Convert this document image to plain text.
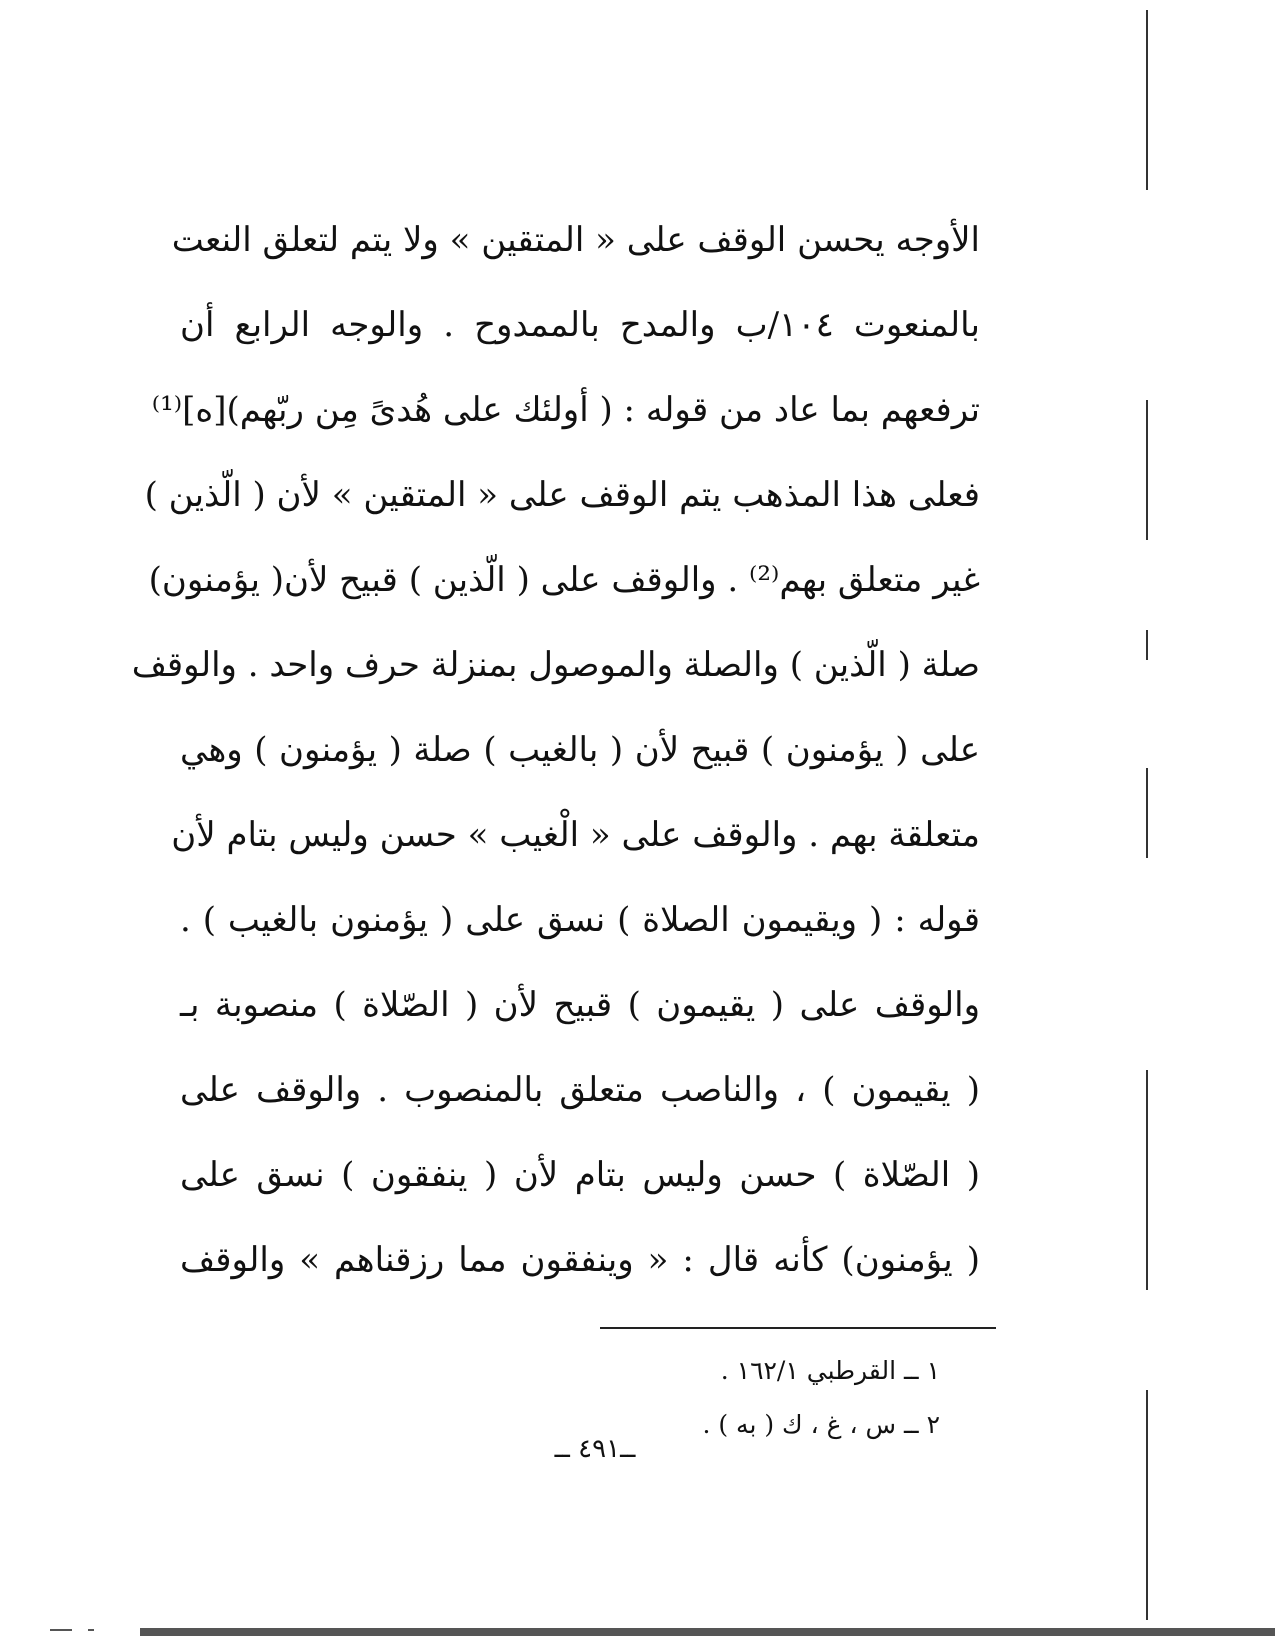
الأوجه يحسن الوقف على « المتقين » ولا يتم لتعلق النعت
بالمنعوت ١٠٤/ب والمدح بالممدوح . والوجه الرابع أن
ترفعهم بما عاد من قوله : ( أولئك على هُدىً مِن ربّهم)[ه]⁽¹⁾
فعلى هذا المذهب يتم الوقف على « المتقين » لأن ( الّذين )
غير متعلق بهم⁽²⁾ . والوقف على ( الّذين ) قبيح لأن( يؤمنون)
صلة ( الّذين ) والصلة والموصول بمنزلة حرف واحد . والوقف
على ( يؤمنون ) قبيح لأن ( بالغيب ) صلة ( يؤمنون ) وهي
متعلقة بهم . والوقف على « الْغيب » حسن وليس بتام لأن
قوله : ( ويقيمون الصلاة ) نسق على ( يؤمنون بالغيب ) .
والوقف على ( يقيمون ) قبيح لأن ( الصّلاة ) منصوبة بـ
( يقيمون ) ، والناصب متعلق بالمنصوب . والوقف على
( الصّلاة ) حسن وليس بتام لأن ( ينفقون ) نسق على
( يؤمنون) كأنه قال : « وينفقون مما رزقناهم » والوقف
١ ــ القرطبي ١٦٢/١ .
٢ ــ س ، غ ، ك ( به ) .
ــ٤٩١ ــ
